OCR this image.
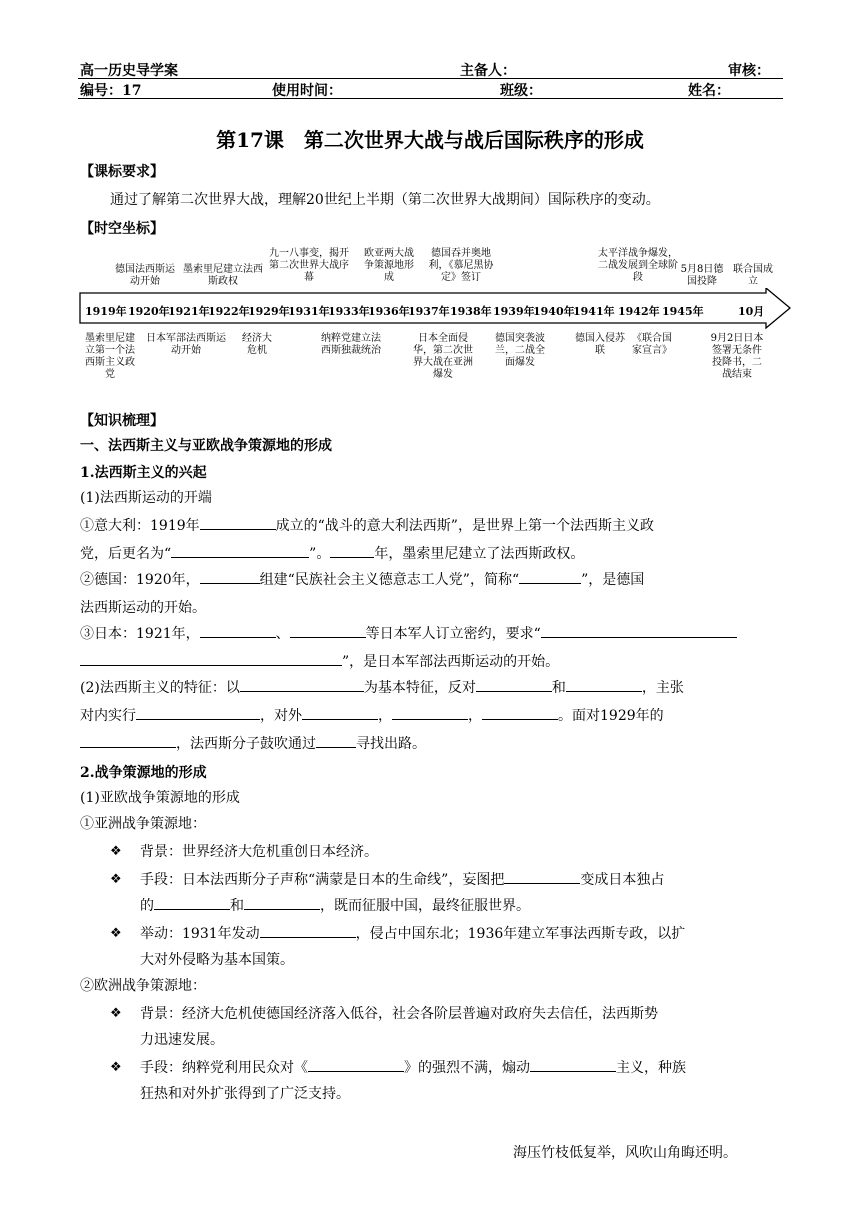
高一历史导学案	主备人：	审核：
编号：17	使用时间：	班级：	姓名：
第17课　第二次世界大战与战后国际秩序的形成
【课标要求】
通过了解第二次世界大战，理解20世纪上半期（第二次世界大战期间）国际秩序的变动。
【时空坐标】
1919年 1920年
1921年
1922年
1929年
1931年
1933年
1936年
1937年 1938年 1939年
1940年
1941年 1942年 1945年	10月
德国法西斯运动开始
墨索里尼建立法西斯政权
九一八事变，揭开第二次世界大战序幕
欧亚两大战争策源地形成
德国吞并奥地利，《慕尼黑协定》签订
太平洋战争爆发，二战发展到全球阶段
5月8日德国投降
联合国成立
墨索里尼建立第一个法西斯主义政党
日本军部法西斯运动开始
经济大危机
纳粹党建立法西斯独裁统治
日本全面侵华，第二次世界大战在亚洲爆发
德国突袭波兰，二战全面爆发
德国入侵苏联
《联合国家宣言》
9月2日日本签署无条件投降书，二战结束
【知识梳理】
一、法西斯主义与亚欧战争策源地的形成
1.法西斯主义的兴起
(1)法西斯运动的开端
①意大利：1919年	成立的“战斗的意大利法西斯”，是世界上第一个法西斯主义政
党，后更名为“	”。	年，墨索里尼建立了法西斯政权。
②德国：1920年，	组建“民族社会主义德意志工人党”，简称“	”，是德国
法西斯运动的开始。
③日本：1921年，	、	等日本军人订立密约，要求“
”，是日本军部法西斯运动的开始。
(2)法西斯主义的特征：以	为基本特征，反对	和	，主张
对内实行	，对外	，	，	。面对1929年的
，法西斯分子鼓吹通过	寻找出路。
2.战争策源地的形成
(1)亚欧战争策源地的形成
①亚洲战争策源地：
❖ 背景：世界经济大危机重创日本经济。
❖ 手段：日本法西斯分子声称“满蒙是日本的生命线”，妄图把	变成日本独占
的	和	，既而征服中国，最终征服世界。
❖ 举动：1931年发动	，侵占中国东北；1936年建立军事法西斯专政，以扩
大对外侵略为基本国策。
②欧洲战争策源地：
❖ 背景：经济大危机使德国经济落入低谷，社会各阶层普遍对政府失去信任，法西斯势
力迅速发展。
❖ 手段：纳粹党利用民众对《	》的强烈不满，煽动	主义，种族
狂热和对外扩张得到了广泛支持。
海压竹枝低复举，风吹山角晦还明。
